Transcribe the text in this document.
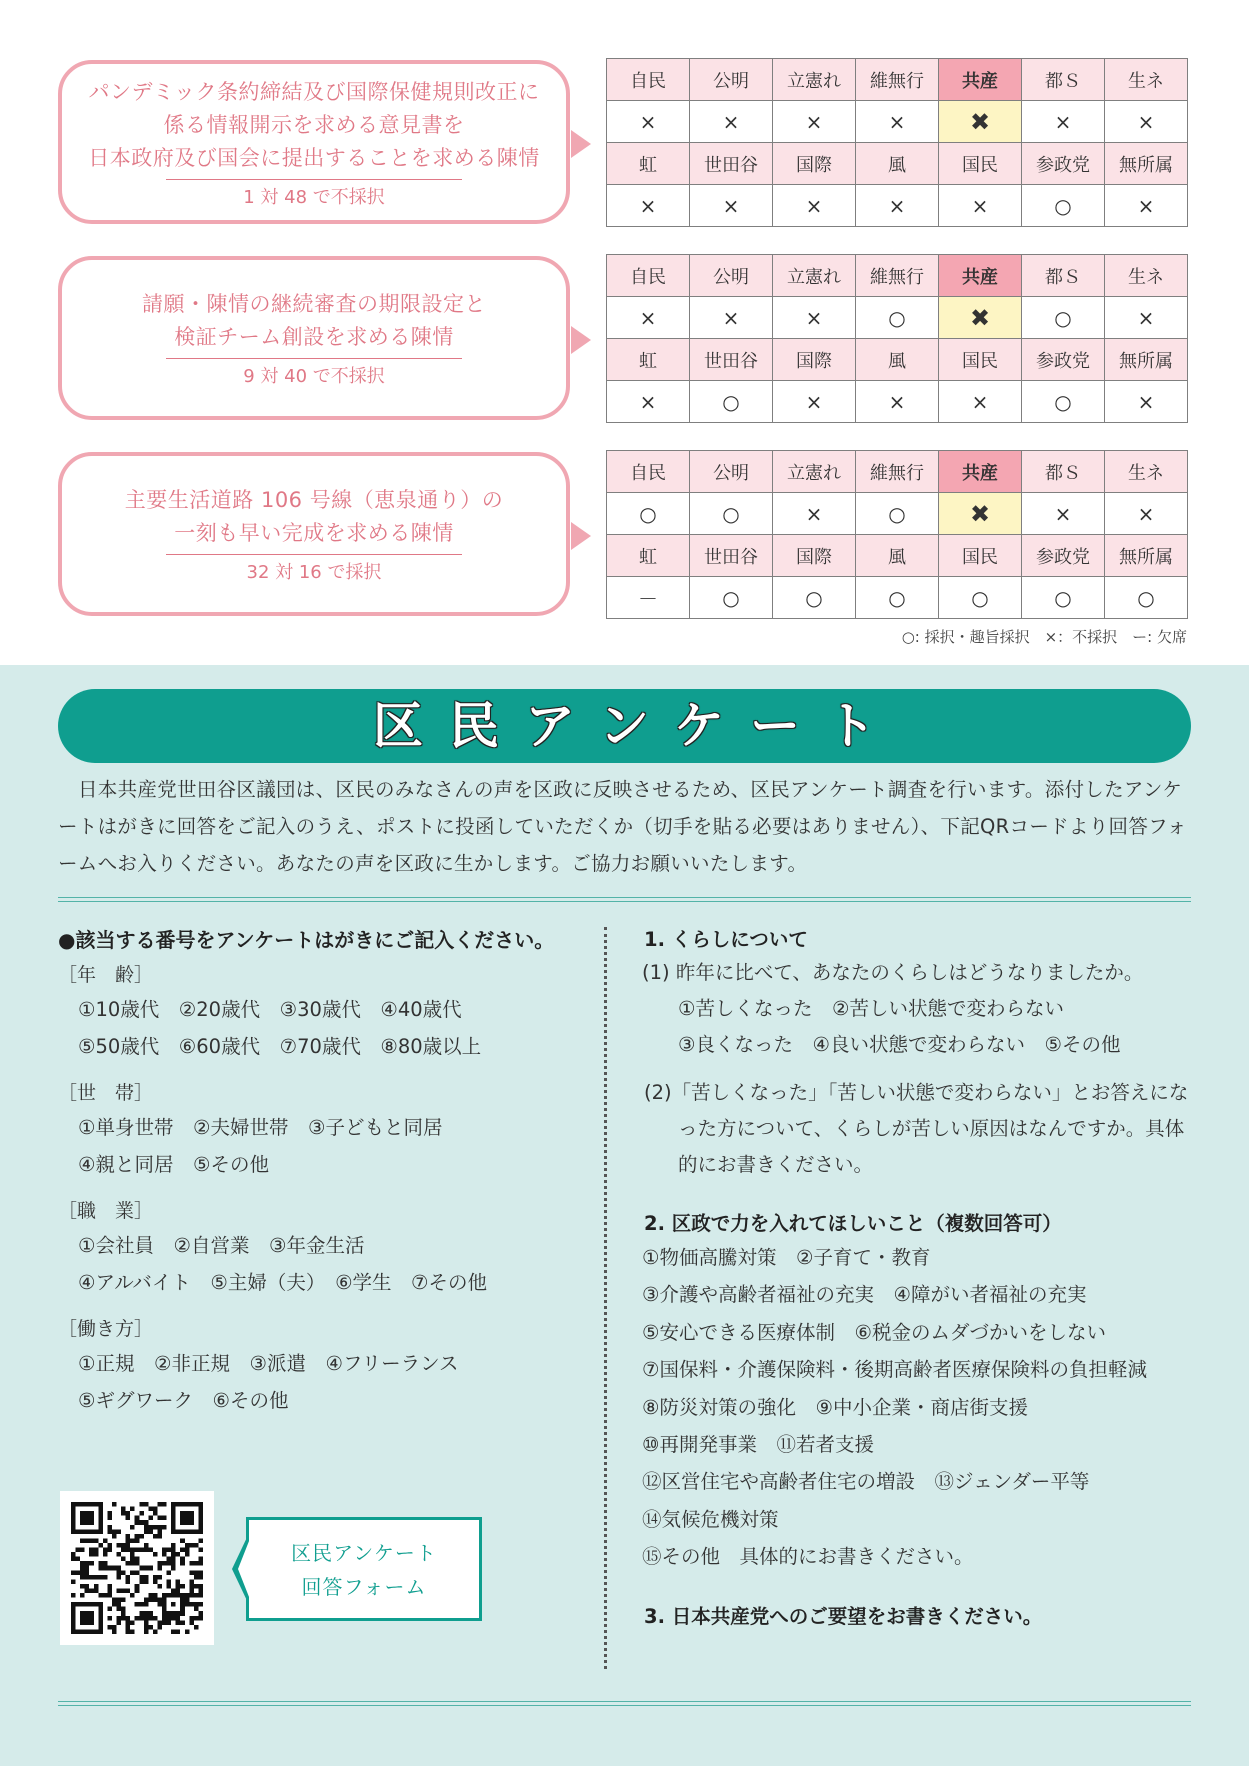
パンデミック条約締結及び国際保健規則改正に
係る情報開示を求める意見書を
日本政府及び国会に提出することを求める陳情
1 対 48 で不採択
自民	公明	立憲れ	維無行	共産	都Ｓ	生ネ
×	×	×	×	✖	×	×
虹	世田谷	国際	風	国民	参政党	無所属
×	×	×	×	×	○	×
請願・陳情の継続審査の期限設定と
検証チーム創設を求める陳情
9 対 40 で不採択
自民	公明	立憲れ	維無行	共産	都Ｓ	生ネ
×	×	×	○	✖	○	×
虹	世田谷	国際	風	国民	参政党	無所属
×	○	×	×	×	○	×
主要生活道路 106 号線（恵泉通り）の
一刻も早い完成を求める陳情
32 対 16 で採択
自民	公明	立憲れ	維無行	共産	都Ｓ	生ネ
○	○	×	○	✖	×	×
虹	世田谷	国際	風	国民	参政党	無所属
－	○	○	○	○	○	○
○: 採択・趣旨採択　×：不採択　ー: 欠席
区民アンケート
日本共産党世田谷区議団は、区民のみなさんの声を区政に反映させるため、区民アンケート調査を行います。添付したアンケートはがきに回答をご記入のうえ、ポストに投函していただくか（切手を貼る必要はありません）、下記QRコードより回答フォームへお入りください。あなたの声を区政に生かします。ご協力お願いいたします。
●該当する番号をアンケートはがきにご記入ください。
［年　齢］
①10歳代　②20歳代　③30歳代　④40歳代
⑤50歳代　⑥60歳代　⑦70歳代　⑧80歳以上
［世　帯］
①単身世帯　②夫婦世帯　③子どもと同居
④親と同居　⑤その他
［職　業］
①会社員　②自営業　③年金生活
④アルバイト　⑤主婦（夫）　⑥学生　⑦その他
［働き方］
①正規　②非正規　③派遣　④フリーランス
⑤ギグワーク　⑥その他
区民アンケート
回答フォーム
1. くらしについて
(1) 昨年に比べて、あなたのくらしはどうなりましたか。
①苦しくなった　②苦しい状態で変わらない
③良くなった　④良い状態で変わらない　⑤その他
(2)「苦しくなった」「苦しい状態で変わらない」とお答えになった方について、くらしが苦しい原因はなんですか。具体的にお書きください。
2. 区政で力を入れてほしいこと（複数回答可）
①物価高騰対策　②子育て・教育
③介護や高齢者福祉の充実　④障がい者福祉の充実
⑤安心できる医療体制　⑥税金のムダづかいをしない
⑦国保料・介護保険料・後期高齢者医療保険料の負担軽減
⑧防災対策の強化　⑨中小企業・商店街支援
⑩再開発事業　⑪若者支援
⑫区営住宅や高齢者住宅の増設　⑬ジェンダー平等
⑭気候危機対策
⑮その他　具体的にお書きください。
3. 日本共産党へのご要望をお書きください。
